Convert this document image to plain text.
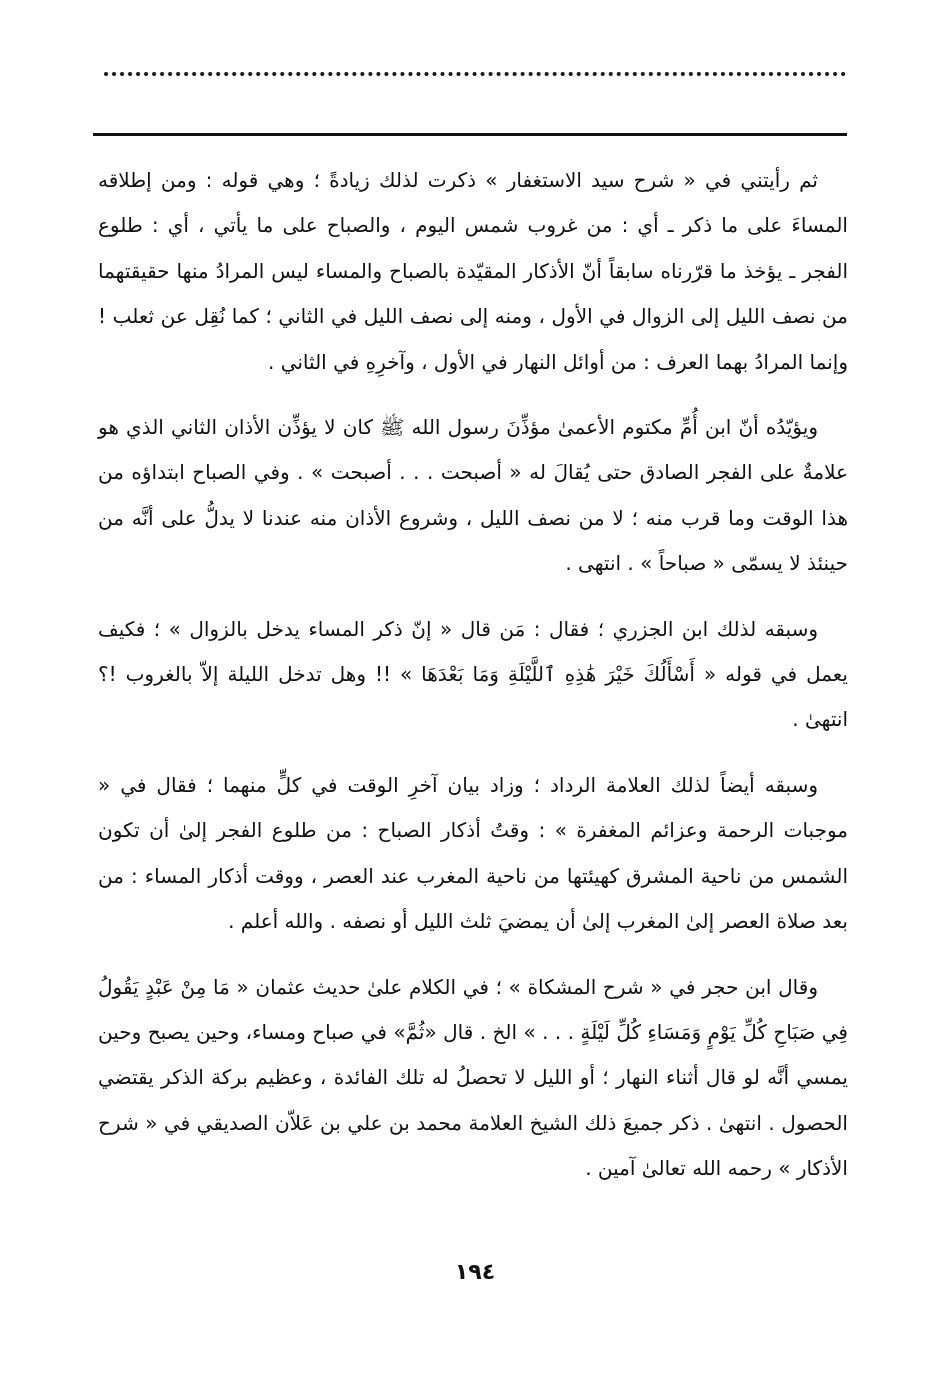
ثم رأيتني في « شرح سيد الاستغفار » ذكرت لذلك زيادةً ؛ وهي قوله : ومن إطلاقه المساءَ على ما ذكر ـ أي : من غروب شمس اليوم ، والصباح على ما يأتي ، أي : طلوع الفجر ـ يؤخذ ما قرّرناه سابقاً أنّ الأذكار المقيّدة بالصباح والمساء ليس المرادُ منها حقيقتهما من نصف الليل إلى الزوال في الأول ، ومنه إلى نصف الليل في الثاني ؛ كما نُقِل عن ثعلب ! وإنما المرادُ بهما العرف : من أوائل النهار في الأول ، وآخرِهِ في الثاني .

ويؤيّدُه أنّ ابن أُمِّ مكتوم الأعمىٰ مؤذِّنَ رسول الله ﷺ كان لا يؤذِّن الأذان الثاني الذي هو علامةٌ على الفجر الصادق حتى يُقالَ له « أصبحت . . . أصبحت » . وفي الصباح ابتداؤه من هذا الوقت وما قرب منه ؛ لا من نصف الليل ، وشروع الأذان منه عندنا لا يدلُّ على أنَّه من حينئذ لا يسمّى « صباحاً » . انتهى .

وسبقه لذلك ابن الجزري ؛ فقال : مَن قال « إنّ ذكر المساء يدخل بالزوال » ؛ فكيف يعمل في قوله « أَسْأَلُكَ خَيْرَ هَٰذِهِ ٱللَّيْلَةِ وَمَا بَعْدَهَا » !! وهل تدخل الليلة إلاّ بالغروب !؟ انتهىٰ .

وسبقه أيضاً لذلك العلامة الرداد ؛ وزاد بيان آخرِ الوقت في كلٍّ منهما ؛ فقال في « موجبات الرحمة وعزائم المغفرة » : وقتُ أذكار الصباح : من طلوع الفجر إلىٰ أن تكون الشمس من ناحية المشرق كهيئتها من ناحية المغرب عند العصر ، ووقت أذكار المساء : من بعد صلاة العصر إلىٰ المغرب إلىٰ أن يمضيَ ثلث الليل أو نصفه . والله أعلم .

وقال ابن حجر في « شرح المشكاة » ؛ في الكلام علىٰ حديث عثمان « مَا مِنْ عَبْدٍ يَقُولُ فِي صَبَاحِ كُلِّ يَوْمٍ وَمَسَاءِ كُلِّ لَيْلَةٍ . . . » الخ . قال «ثُمَّ» في صباح ومساء، وحين يصبح وحين يمسي أنَّه لو قال أثناء النهار ؛ أو الليل لا تحصلُ له تلك الفائدة ، وعظيم بركة الذكر يقتضي الحصول . انتهىٰ . ذكر جميعَ ذلك الشيخ العلامة محمد بن علي بن عَلاّن الصديقي في « شرح الأذكار » رحمه الله تعالىٰ آمين .

١٩٤
